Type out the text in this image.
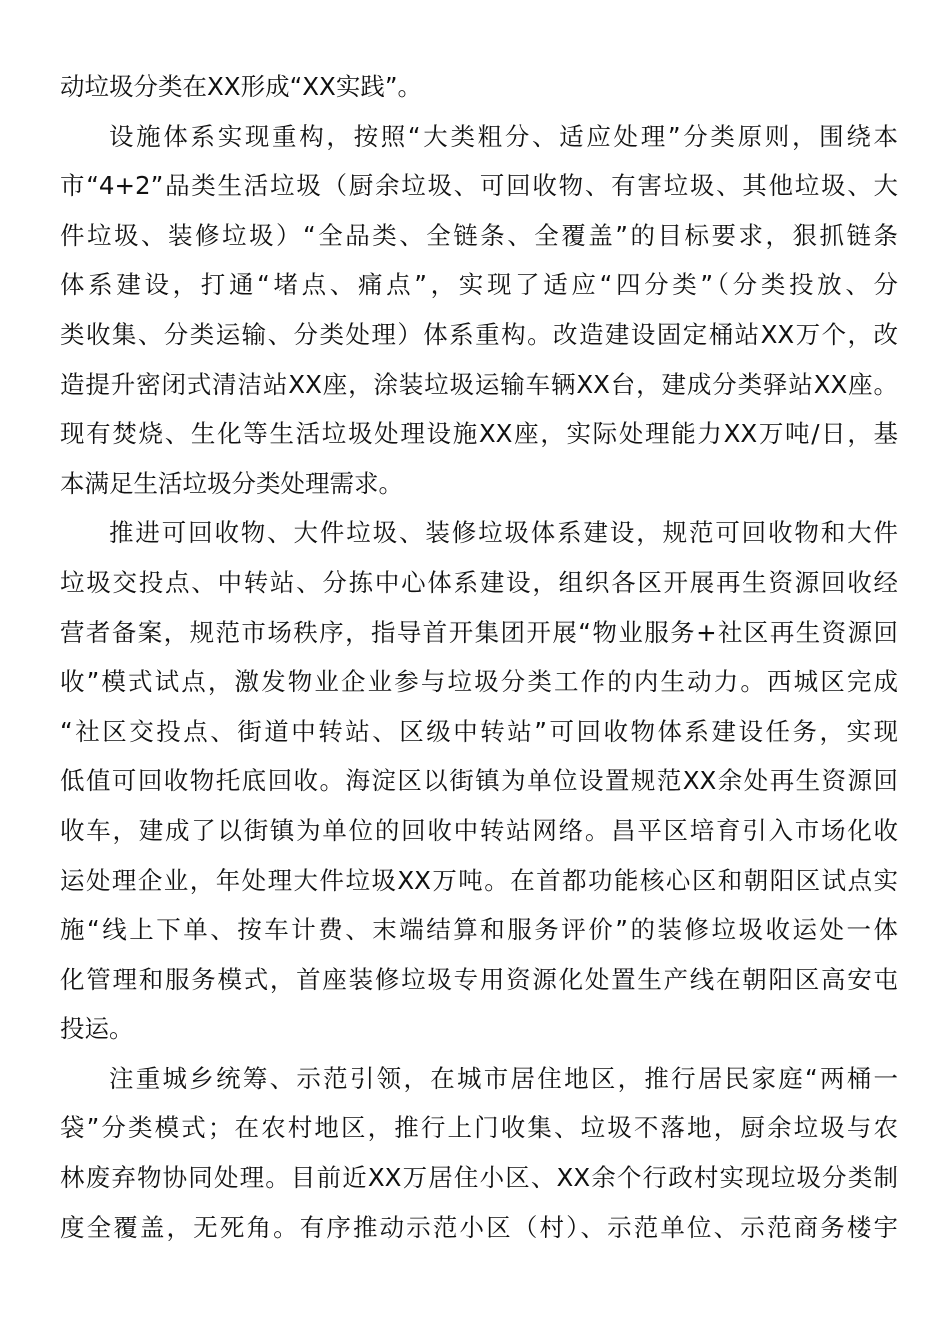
动垃圾分类在XX形成“XX实践”。
设施体系实现重构，按照“大类粗分、适应处理”分类原则，围绕本
市“4+2”品类生活垃圾（厨余垃圾、可回收物、有害垃圾、其他垃圾、大
件垃圾、装修垃圾）“全品类、全链条、全覆盖”的目标要求，狠抓链条
体系建设，打通“堵点、痛点”，实现了适应“四分类”（分类投放、分
类收集、分类运输、分类处理）体系重构。改造建设固定桶站XX万个，改
造提升密闭式清洁站XX座，涂装垃圾运输车辆XX台，建成分类驿站XX座。
现有焚烧、生化等生活垃圾处理设施XX座，实际处理能力XX万吨/日，基
本满足生活垃圾分类处理需求。
推进可回收物、大件垃圾、装修垃圾体系建设，规范可回收物和大件
垃圾交投点、中转站、分拣中心体系建设，组织各区开展再生资源回收经
营者备案，规范市场秩序，指导首开集团开展“物业服务+社区再生资源回
收”模式试点，激发物业企业参与垃圾分类工作的内生动力。西城区完成
“社区交投点、街道中转站、区级中转站”可回收物体系建设任务，实现
低值可回收物托底回收。海淀区以街镇为单位设置规范XX余处再生资源回
收车，建成了以街镇为单位的回收中转站网络。昌平区培育引入市场化收
运处理企业，年处理大件垃圾XX万吨。在首都功能核心区和朝阳区试点实
施“线上下单、按车计费、末端结算和服务评价”的装修垃圾收运处一体
化管理和服务模式，首座装修垃圾专用资源化处置生产线在朝阳区高安屯
投运。
注重城乡统筹、示范引领，在城市居住地区，推行居民家庭“两桶一
袋”分类模式；在农村地区，推行上门收集、垃圾不落地，厨余垃圾与农
林废弃物协同处理。目前近XX万居住小区、XX余个行政村实现垃圾分类制
度全覆盖，无死角。有序推动示范小区（村）、示范单位、示范商务楼宇
